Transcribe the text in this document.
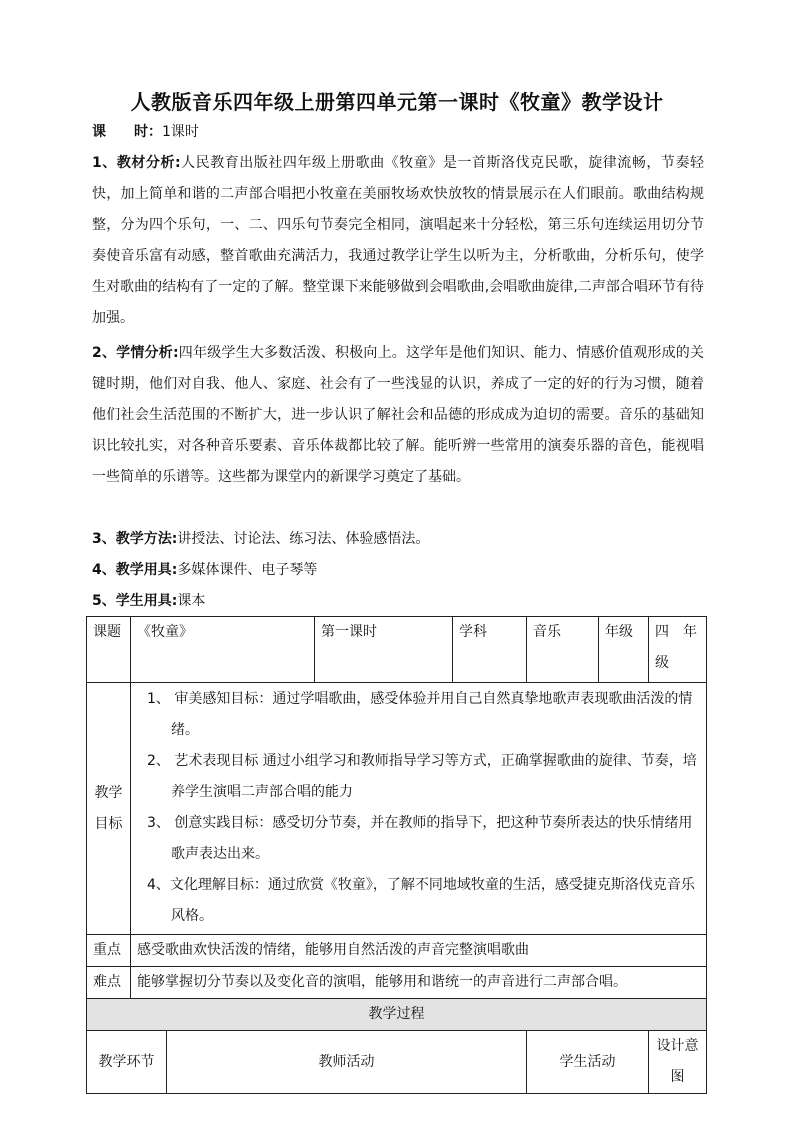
人教版音乐四年级上册第四单元第一课时《牧童》教学设计
课　　时：1课时
1、教材分析:人民教育出版社四年级上册歌曲《牧童》是一首斯洛伐克民歌，旋律流畅，节奏轻快，加上简单和谐的二声部合唱把小牧童在美丽牧场欢快放牧的情景展示在人们眼前。歌曲结构规整，分为四个乐句，一、二、四乐句节奏完全相同，演唱起来十分轻松，第三乐句连续运用切分节奏使音乐富有动感，整首歌曲充满活力，我通过教学让学生以听为主，分析歌曲，分析乐句，使学生对歌曲的结构有了一定的了解。整堂课下来能够做到会唱歌曲,会唱歌曲旋律,二声部合唱环节有待加强。
2、学情分析:四年级学生大多数活泼、积极向上。这学年是他们知识、能力、情感价值观形成的关键时期，他们对自我、他人、家庭、社会有了一些浅显的认识，养成了一定的好的行为习惯，随着他们社会生活范围的不断扩大，进一步认识了解社会和品德的形成成为迫切的需要。音乐的基础知识比较扎实，对各种音乐要素、音乐体裁都比较了解。能听辨一些常用的演奏乐器的音色，能视唱一些简单的乐谱等。这些都为课堂内的新课学习奠定了基础。
3、教学方法:讲授法、讨论法、练习法、体验感悟法。
4、教学用具:多媒体课件、电子琴等
5、学生用具:课本
课题	《牧童》		第一课时	学科	音乐	年级	四　年级
教学目标	1、 审美感知目标：通过学唱歌曲，感受体验并用自己自然真挚地歌声表现歌曲活泼的情绪。
2、 艺术表现目标 通过小组学习和教师指导学习等方式，正确掌握歌曲的旋律、节奏，培养学生演唱二声部合唱的能力
3、 创意实践目标：感受切分节奏，并在教师的指导下，把这种节奏所表达的快乐情绪用歌声表达出来。
4、文化理解目标：通过欣赏《牧童》，了解不同地域牧童的生活，感受捷克斯洛伐克音乐风格。						

重点	感受歌曲欢快活泼的情绪，能够用自然活泼的声音完整演唱歌曲						
难点	能够掌握切分节奏以及变化音的演唱，能够用和谐统一的声音进行二声部合唱。						
教学过程							
教学环节		教师活动			学生活动		设计意图
